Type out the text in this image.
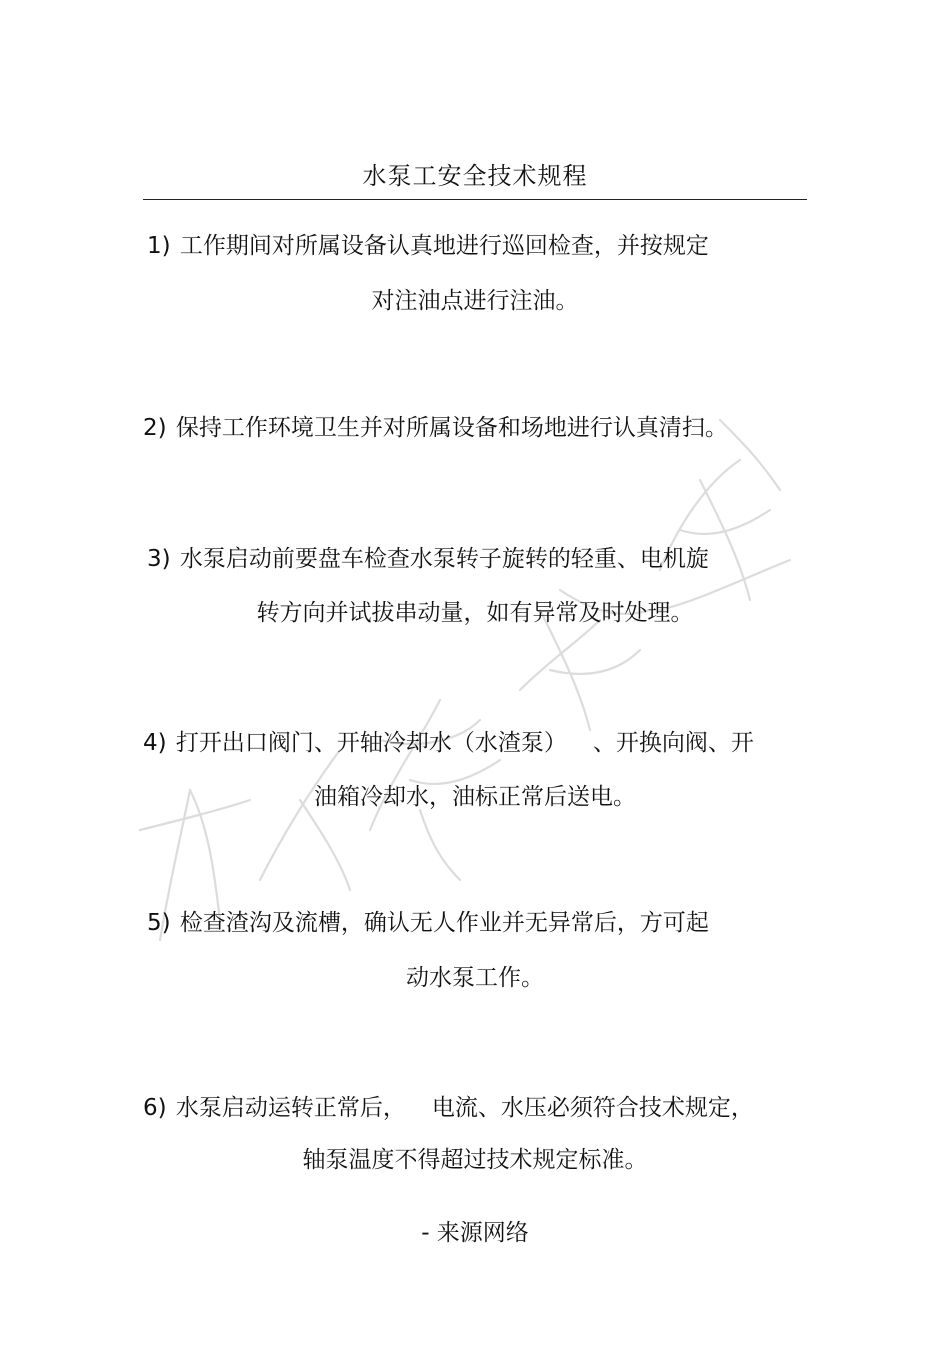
水泵工安全技术规程
1) 工作期间对所属设备认真地进行巡回检查，并按规定
对注油点进行注油。
2) 保持工作环境卫生并对所属设备和场地进行认真清扫。
3) 水泵启动前要盘车检查水泵转子旋转的轻重、电机旋
转方向并试拔串动量，如有异常及时处理。
4) 打开出口阀门、开轴冷却水（水渣泵） 、开换向阀、开
油箱冷却水，油标正常后送电。
5) 检查渣沟及流槽，确认无人作业并无异常后，方可起
动水泵工作。
6) 水泵启动运转正常后， 电流、水压必须符合技术规定，
轴泵温度不得超过技术规定标准。
- 来源网络
